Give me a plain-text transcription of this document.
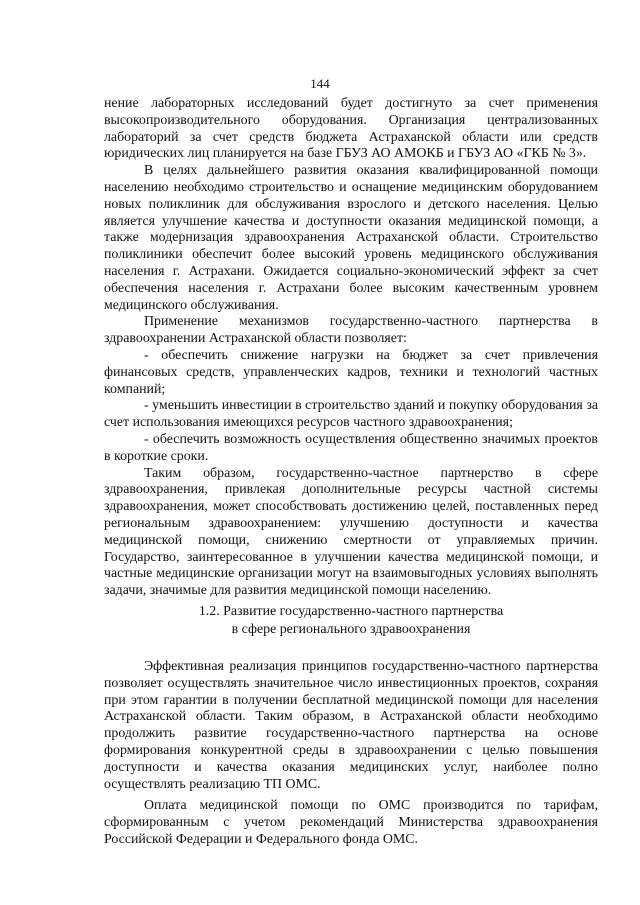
144

нение лабораторных исследований будет достигнуто за счет применения высокопроизводительного оборудования. Организация централизованных лабораторий за счет средств бюджета Астраханской области или средств юридических лиц планируется на базе ГБУЗ АО АМОКБ и ГБУЗ АО «ГКБ № 3».

В целях дальнейшего развития оказания квалифицированной помощи населению необходимо строительство и оснащение медицинским оборудованием новых поликлиник для обслуживания взрослого и детского населения. Целью является улучшение качества и доступности оказания медицинской помощи, а также модернизация здравоохранения Астраханской области. Строительство поликлиники обеспечит более высокий уровень медицинского обслуживания населения г. Астрахани. Ожидается социально-экономический эффект за счет обеспечения населения г. Астрахани более высоким качественным уровнем медицинского обслуживания.

Применение механизмов государственно-частного партнерства в здравоохранении Астраханской области позволяет:

- обеспечить снижение нагрузки на бюджет за счет привлечения финансовых средств, управленческих кадров, техники и технологий частных компаний;

- уменьшить инвестиции в строительство зданий и покупку оборудования за счет использования имеющихся ресурсов частного здравоохранения;

- обеспечить возможность осуществления общественно значимых проектов в короткие сроки.

Таким образом, государственно-частное партнерство в сфере здравоохранения, привлекая дополнительные ресурсы частной системы здравоохранения, может способствовать достижению целей, поставленных перед региональным здравоохранением: улучшению доступности и качества медицинской помощи, снижению смертности от управляемых причин. Государство, заинтересованное в улучшении качества медицинской помощи, и частные медицинские организации могут на взаимовыгодных условиях выполнять задачи, значимые для развития медицинской помощи населению.

1.2. Развитие государственно-частного партнерства
в сфере регионального здравоохранения

Эффективная реализация принципов государственно-частного партнерства позволяет осуществлять значительное число инвестиционных проектов, сохраняя при этом гарантии в получении бесплатной медицинской помощи для населения Астраханской области. Таким образом, в Астраханской области необходимо продолжить развитие государственно-частного партнерства на основе формирования конкурентной среды в здравоохранении с целью повышения доступности и качества оказания медицинских услуг, наиболее полно осуществлять реализацию ТП ОМС.

Оплата медицинской помощи по ОМС производится по тарифам, сформированным с учетом рекомендаций Министерства здравоохранения Российской Федерации и Федерального фонда ОМС.
